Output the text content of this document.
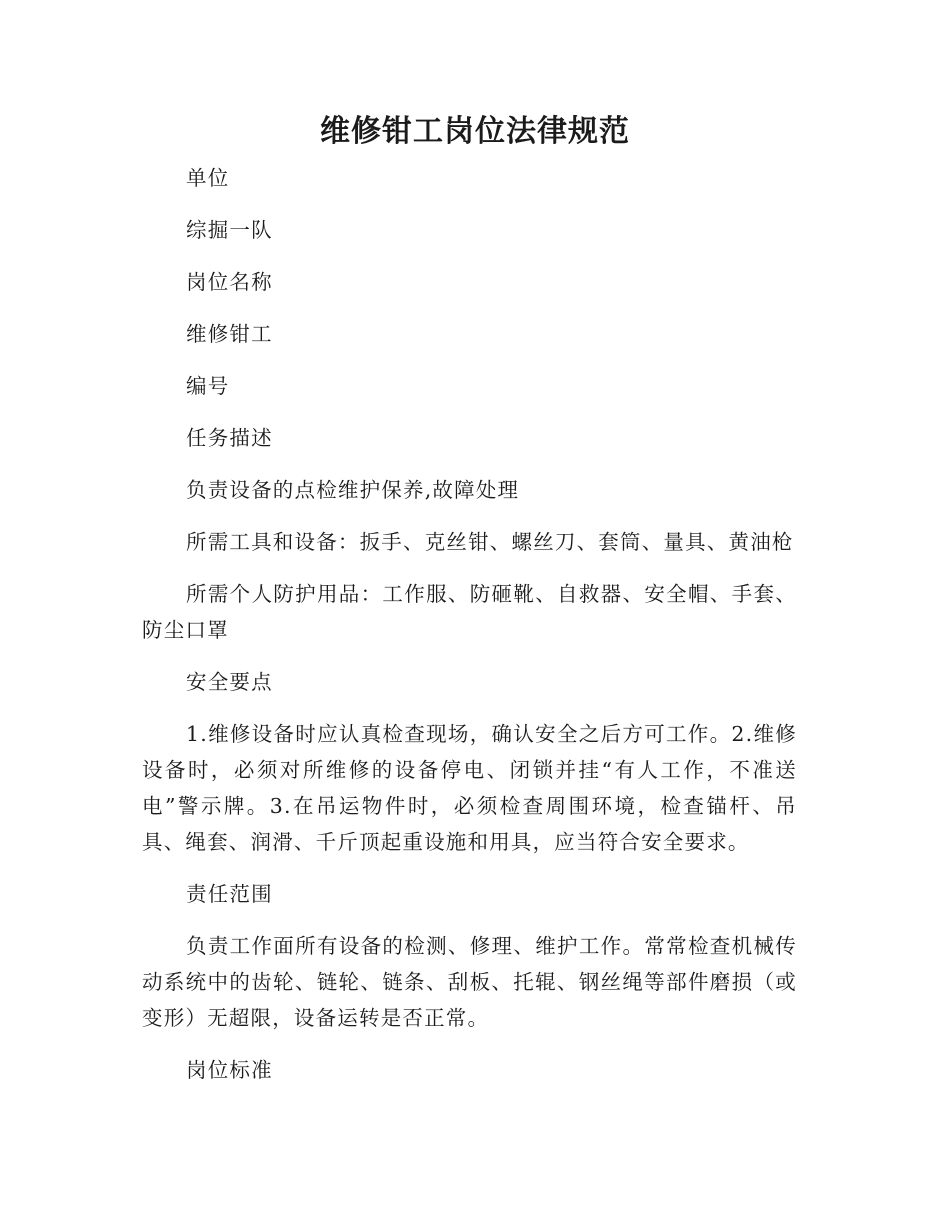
维修钳工岗位法律规范

单位

综掘一队

岗位名称

维修钳工

编号

任务描述

负责设备的点检维护保养,故障处理

所需工具和设备：扳手、克丝钳、螺丝刀、套筒、量具、黄油枪

所需个人防护用品：工作服、防砸靴、自救器、安全帽、手套、防尘口罩

安全要点

1.维修设备时应认真检查现场，确认安全之后方可工作。2.维修设备时，必须对所维修的设备停电、闭锁并挂“有人工作，不准送电”警示牌。3.在吊运物件时，必须检查周围环境，检查锚杆、吊具、绳套、润滑、千斤顶起重设施和用具，应当符合安全要求。

责任范围

负责工作面所有设备的检测、修理、维护工作。常常检查机械传动系统中的齿轮、链轮、链条、刮板、托辊、钢丝绳等部件磨损（或变形）无超限，设备运转是否正常。

岗位标准
